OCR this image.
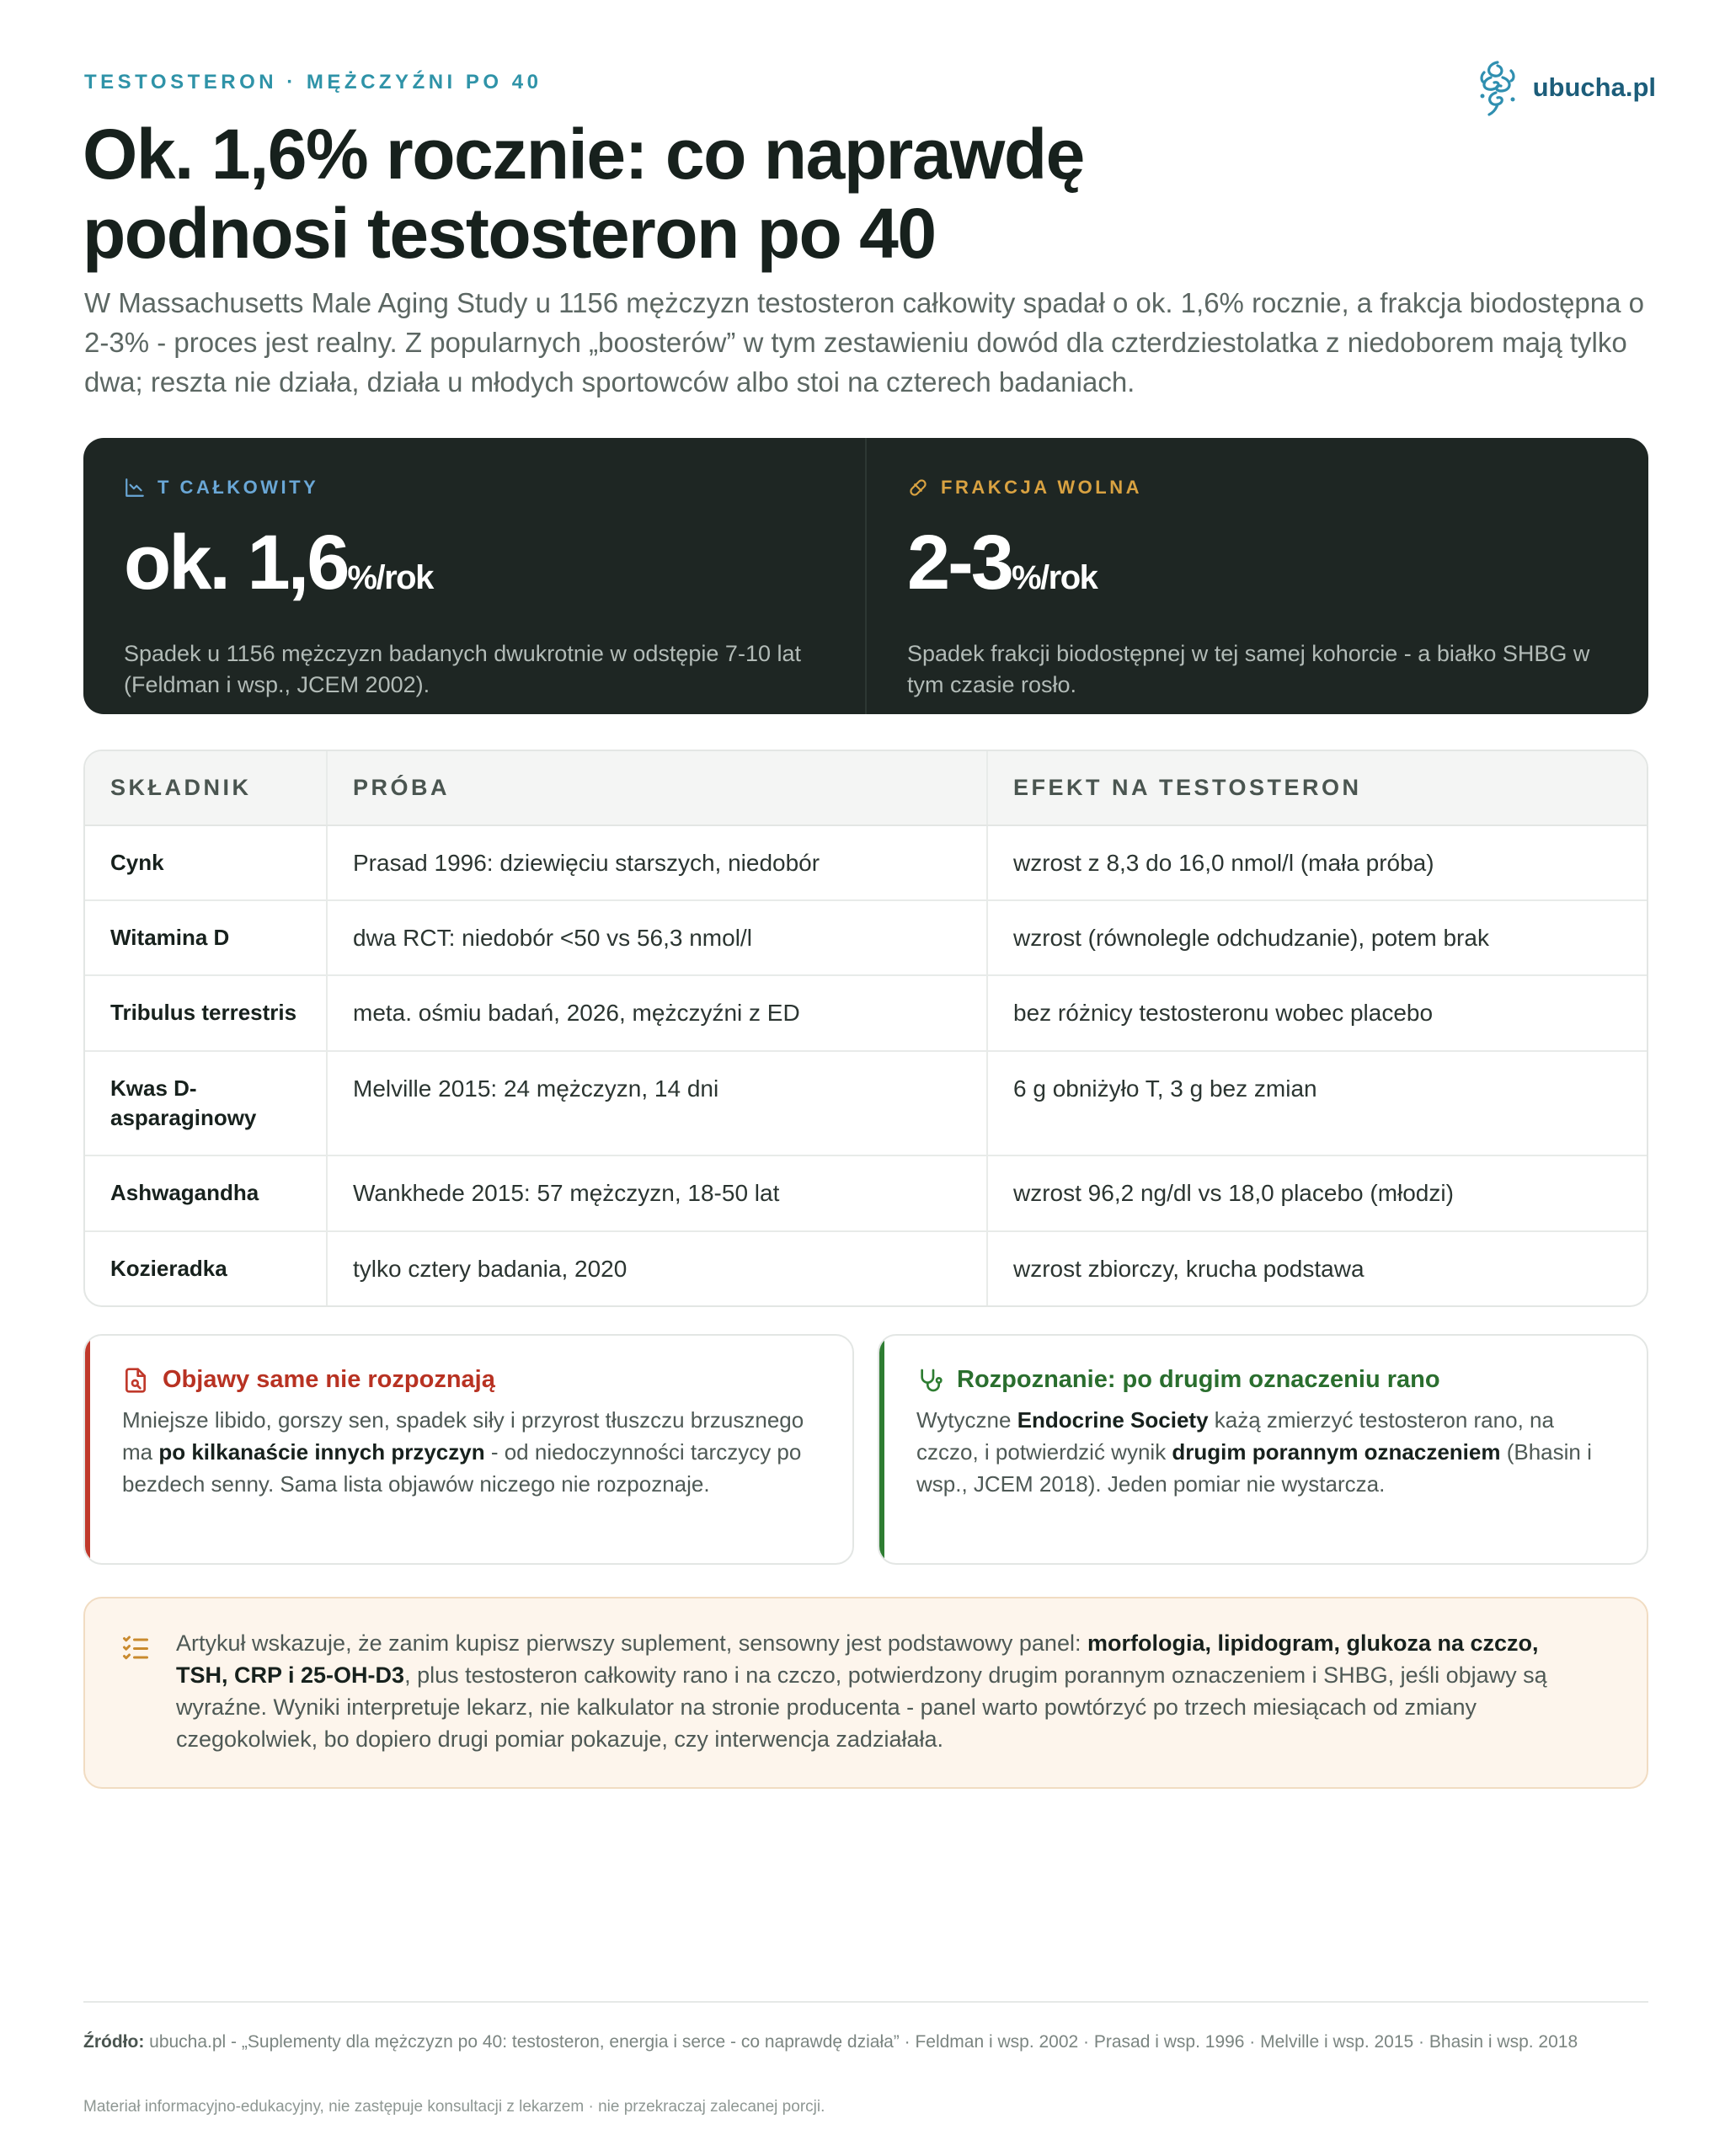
TESTOSTERON · MĘŻCZYŹNI PO 40	ubucha.pl
Ok. 1,6% rocznie: co naprawdę podnosi testosteron po 40

W Massachusetts Male Aging Study u 1156 mężczyzn testosteron całkowity spadał o ok. 1,6% rocznie, a frakcja biodostępna o 2-3% - proces jest realny. Z popularnych „boosterów” w tym zestawieniu dowód dla czterdziestolatka z niedoborem mają tylko dwa; reszta nie działa, działa u młodych sportowców albo stoi na czterech badaniach.

T CAŁKOWITY
ok. 1,6%/rok

Spadek u 1156 mężczyzn badanych dwukrotnie w odstępie 7-10 lat (Feldman i wsp., JCEM 2002).

FRAKCJA WOLNA
2-3%/rok

Spadek frakcji biodostępnej w tej samej kohorcie - a białko SHBG w tym czasie rosło.

SKŁADNIK	PRÓBA	EFEKT NA TESTOSTERON
Cynk	Prasad 1996: dziewięciu starszych, niedobór	wzrost z 8,3 do 16,0 nmol/l (mała próba)
Witamina D	dwa RCT: niedobór <50 vs 56,3 nmol/l	wzrost (równolegle odchudzanie), potem brak
Tribulus terrestris	meta. ośmiu badań, 2026, mężczyźni z ED	bez różnicy testosteronu wobec placebo
Kwas D-asparaginowy	Melville 2015: 24 mężczyzn, 14 dni	6 g obniżyło T, 3 g bez zmian
Ashwagandha	Wankhede 2015: 57 mężczyzn, 18-50 lat	wzrost 96,2 ng/dl vs 18,0 placebo (młodzi)
Kozieradka	tylko cztery badania, 2020	wzrost zbiorczy, krucha podstawa
Objawy same nie rozpoznają

Mniejsze libido, gorszy sen, spadek siły i przyrost tłuszczu brzusznego ma po kilkanaście innych przyczyn - od niedoczynności tarczycy po bezdech senny. Sama lista objawów niczego nie rozpoznaje.

Rozpoznanie: po drugim oznaczeniu rano

Wytyczne Endocrine Society każą zmierzyć testosteron rano, na czczo, i potwierdzić wynik drugim porannym oznaczeniem (Bhasin i wsp., JCEM 2018). Jeden pomiar nie wystarcza.

Artykuł wskazuje, że zanim kupisz pierwszy suplement, sensowny jest podstawowy panel: morfologia, lipidogram, glukoza na czczo, TSH, CRP i 25-OH-D3, plus testosteron całkowity rano i na czczo, potwierdzony drugim porannym oznaczeniem i SHBG, jeśli objawy są wyraźne. Wyniki interpretuje lekarz, nie kalkulator na stronie producenta - panel warto powtórzyć po trzech miesiącach od zmiany czegokolwiek, bo dopiero drugi pomiar pokazuje, czy interwencja zadziałała.

Źródło: ubucha.pl - „Suplementy dla mężczyzn po 40: testosteron, energia i serce - co naprawdę działa” · Feldman i wsp. 2002 · Prasad i wsp. 1996 · Melville i wsp. 2015 · Bhasin i wsp. 2018

Materiał informacyjno-edukacyjny, nie zastępuje konsultacji z lekarzem · nie przekraczaj zalecanej porcji.
